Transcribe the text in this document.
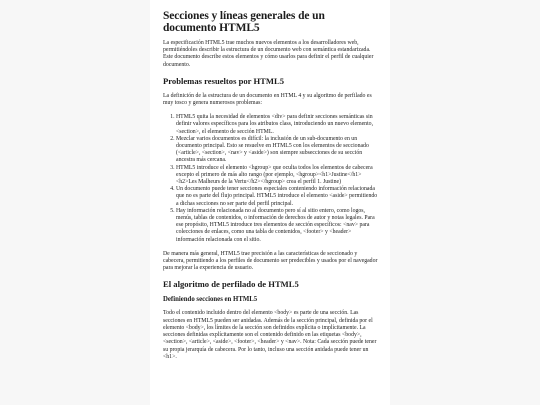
Secciones y líneas generales de un documento HTML5

La especificación HTML5 trae muchos nuevos elementos a los desarrolladores web, permitiéndoles describir la estructura de un documento web con semántica estandarizada. Este documento describe estos elementos y cómo usarlos para definir el perfil de cualquier documento.

Problemas resueltos por HTML5

La definición de la estructura de un documento en HTML 4 y su algoritmo de perfilado es muy tosco y genera numerosos problemas:

1. HTML5 quita la necesidad de elementos <div> para definir secciones semánticas sin definir valores específicos para los atributos class, introduciendo un nuevo elemento, <section>, el elemento de sección HTML.
2. Mezclar varios documentos es difícil: la inclusión de un sub-documento en un documento principal. Esto se resuelve en HTML5 con los elementos de seccionado (<article>, <section>, <nav> y <aside>) son siempre subsecciones de su sección ancestra más cercana.
3. HTML5 introduce el elemento <hgroup> que oculta todos los elementos de cabecera excepto el primero de más alto rango (por ejemplo, <hgroup><h1>Justine</h1><h2>Les Malheurs de la Vertu</h2></hgroup> crea el perfil 1. Justine)
4. Un documento puede tener secciones especiales conteniendo información relacionada que no es parte del flujo principal. HTML5 introduce el elemento <aside> permitiendo a dichas secciones no ser parte del perfil principal.
5. Hay información relacionada no al documento pero sí al sitio entero, como logos, menús, tablas de contenidos, o información de derechos de autor y notas legales. Para ese propósito, HTML5 introduce tres elementos de sección específicos: <nav> para colecciones de enlaces, como una tabla de contenidos, <footer> y <header> información relacionada con el sitio.

De manera más general, HTML5 trae precisión a las características de seccionado y cabecera, permitiendo a los perfiles de documento ser predecibles y usados por el navegador para mejorar la experiencia de usuario.

El algoritmo de perfilado de HTML5
Definiendo secciones en HTML5

Todo el contenido incluido dentro del elemento <body> es parte de una sección. Las secciones en HTML5 pueden ser anidadas. Además de la sección principal, definida por el elemento <body>, los límites de la sección son definidos explícita o implícitamente. La secciones definidas explícitamente son el contenido definido en las etiquetas <body>, <section>, <article>, <aside>, <footer>, <header> y <nav>. Nota: Cada sección puede tener su propia jerarquía de cabecera. Por lo tanto, incluso una sección anidada puede tener un <h1>.
